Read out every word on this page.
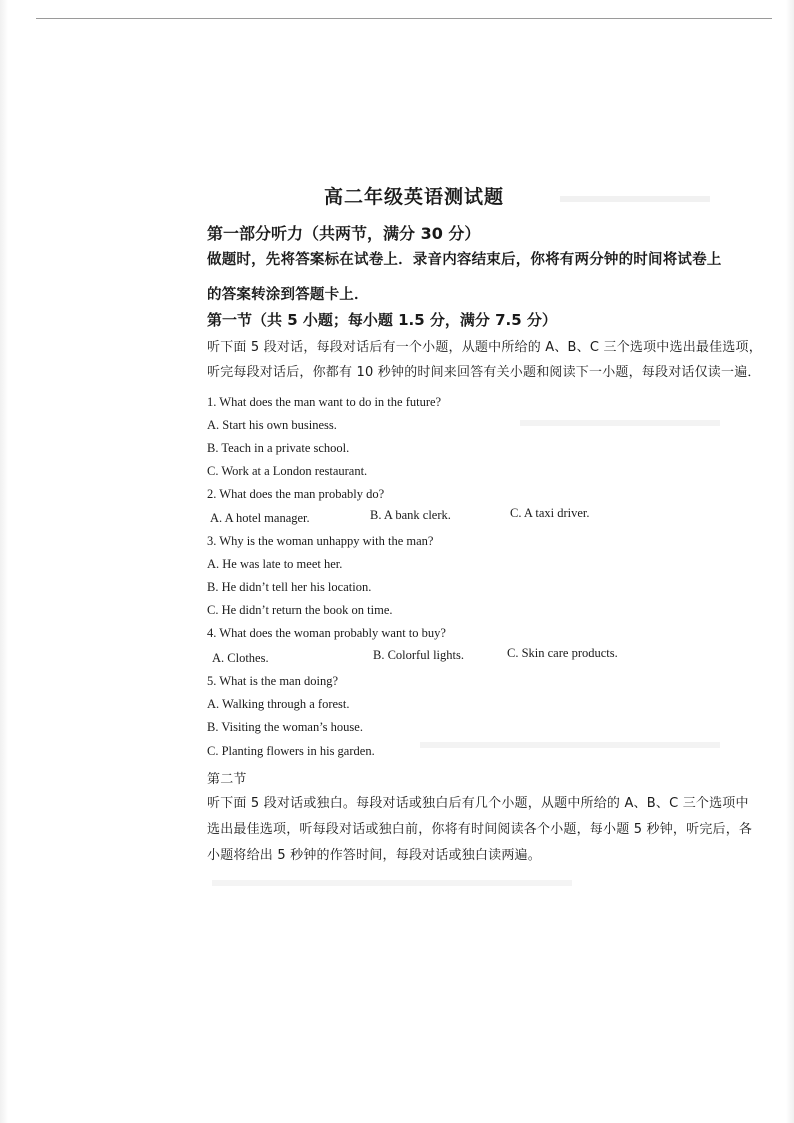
高二年级英语测试题
第一部分听力（共两节，满分 30 分）
做题时，先将答案标在试卷上．录音内容结束后，你将有两分钟的时间将试卷上
的答案转涂到答题卡上．
第一节（共 5 小题；每小题 1.5 分，满分 7.5 分）
听下面 5 段对话，每段对话后有一个小题，从题中所给的 A、B、C 三个选项中选出最佳选项，
听完每段对话后，你都有 10 秒钟的时间来回答有关小题和阅读下一小题，每段对话仅读一遍．
1. What does the man want to do in the future?
A. Start his own business.
B. Teach in a private school.
C. Work at a London restaurant.
2. What does the man probably do?
A. A hotel manager.	B. A bank clerk.	C. A taxi driver.
3. Why is the woman unhappy with the man?
A. He was late to meet her.
B. He didn’t tell her his location.
C. He didn’t return the book on time.
4. What does the woman probably want to buy?
A. Clothes.	B. Colorful lights.	C. Skin care products.
5. What is the man doing?
A. Walking through a forest.
B. Visiting the woman’s house.
C. Planting flowers in his garden.
第二节
听下面 5 段对话或独白。每段对话或独白后有几个小题，从题中所给的 A、B、C 三个选项中
选出最佳选项，听每段对话或独白前，你将有时间阅读各个小题，每小题 5 秒钟，听完后，各
小题将给出 5 秒钟的作答时间，每段对话或独白读两遍。
